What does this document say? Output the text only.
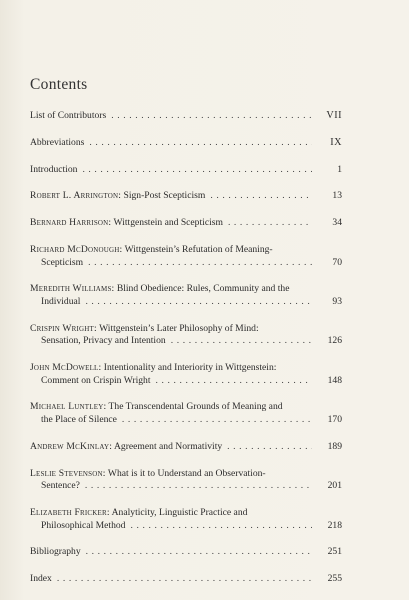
Contents
List of Contributors . . .	VII
Abbreviations . . .	IX
Introduction . . .	1
Robert L. Arrington: Sign-Post Scepticism . . .	13
Bernard Harrison: Wittgenstein and Scepticism . . .	34
Richard McDonough: Wittgenstein’s Refutation of Meaning-
Scepticism . . .	70
Meredith Williams: Blind Obedience: Rules, Community and the
Individual . . .	93
Crispin Wright: Wittgenstein’s Later Philosophy of Mind:
Sensation, Privacy and Intention . . .	126
John McDowell: Intentionality and Interiority in Wittgenstein:
Comment on Crispin Wright . . .	148
Michael Luntley: The Transcendental Grounds of Meaning and
the Place of Silence . . .	170
Andrew McKinlay: Agreement and Normativity . . .	189
Leslie Stevenson: What is it to Understand an Observation-
Sentence? . . .	201
Elizabeth Fricker: Analyticity, Linguistic Practice and
Philosophical Method . . .	218
Bibliography . . .	251
Index . . .	255
